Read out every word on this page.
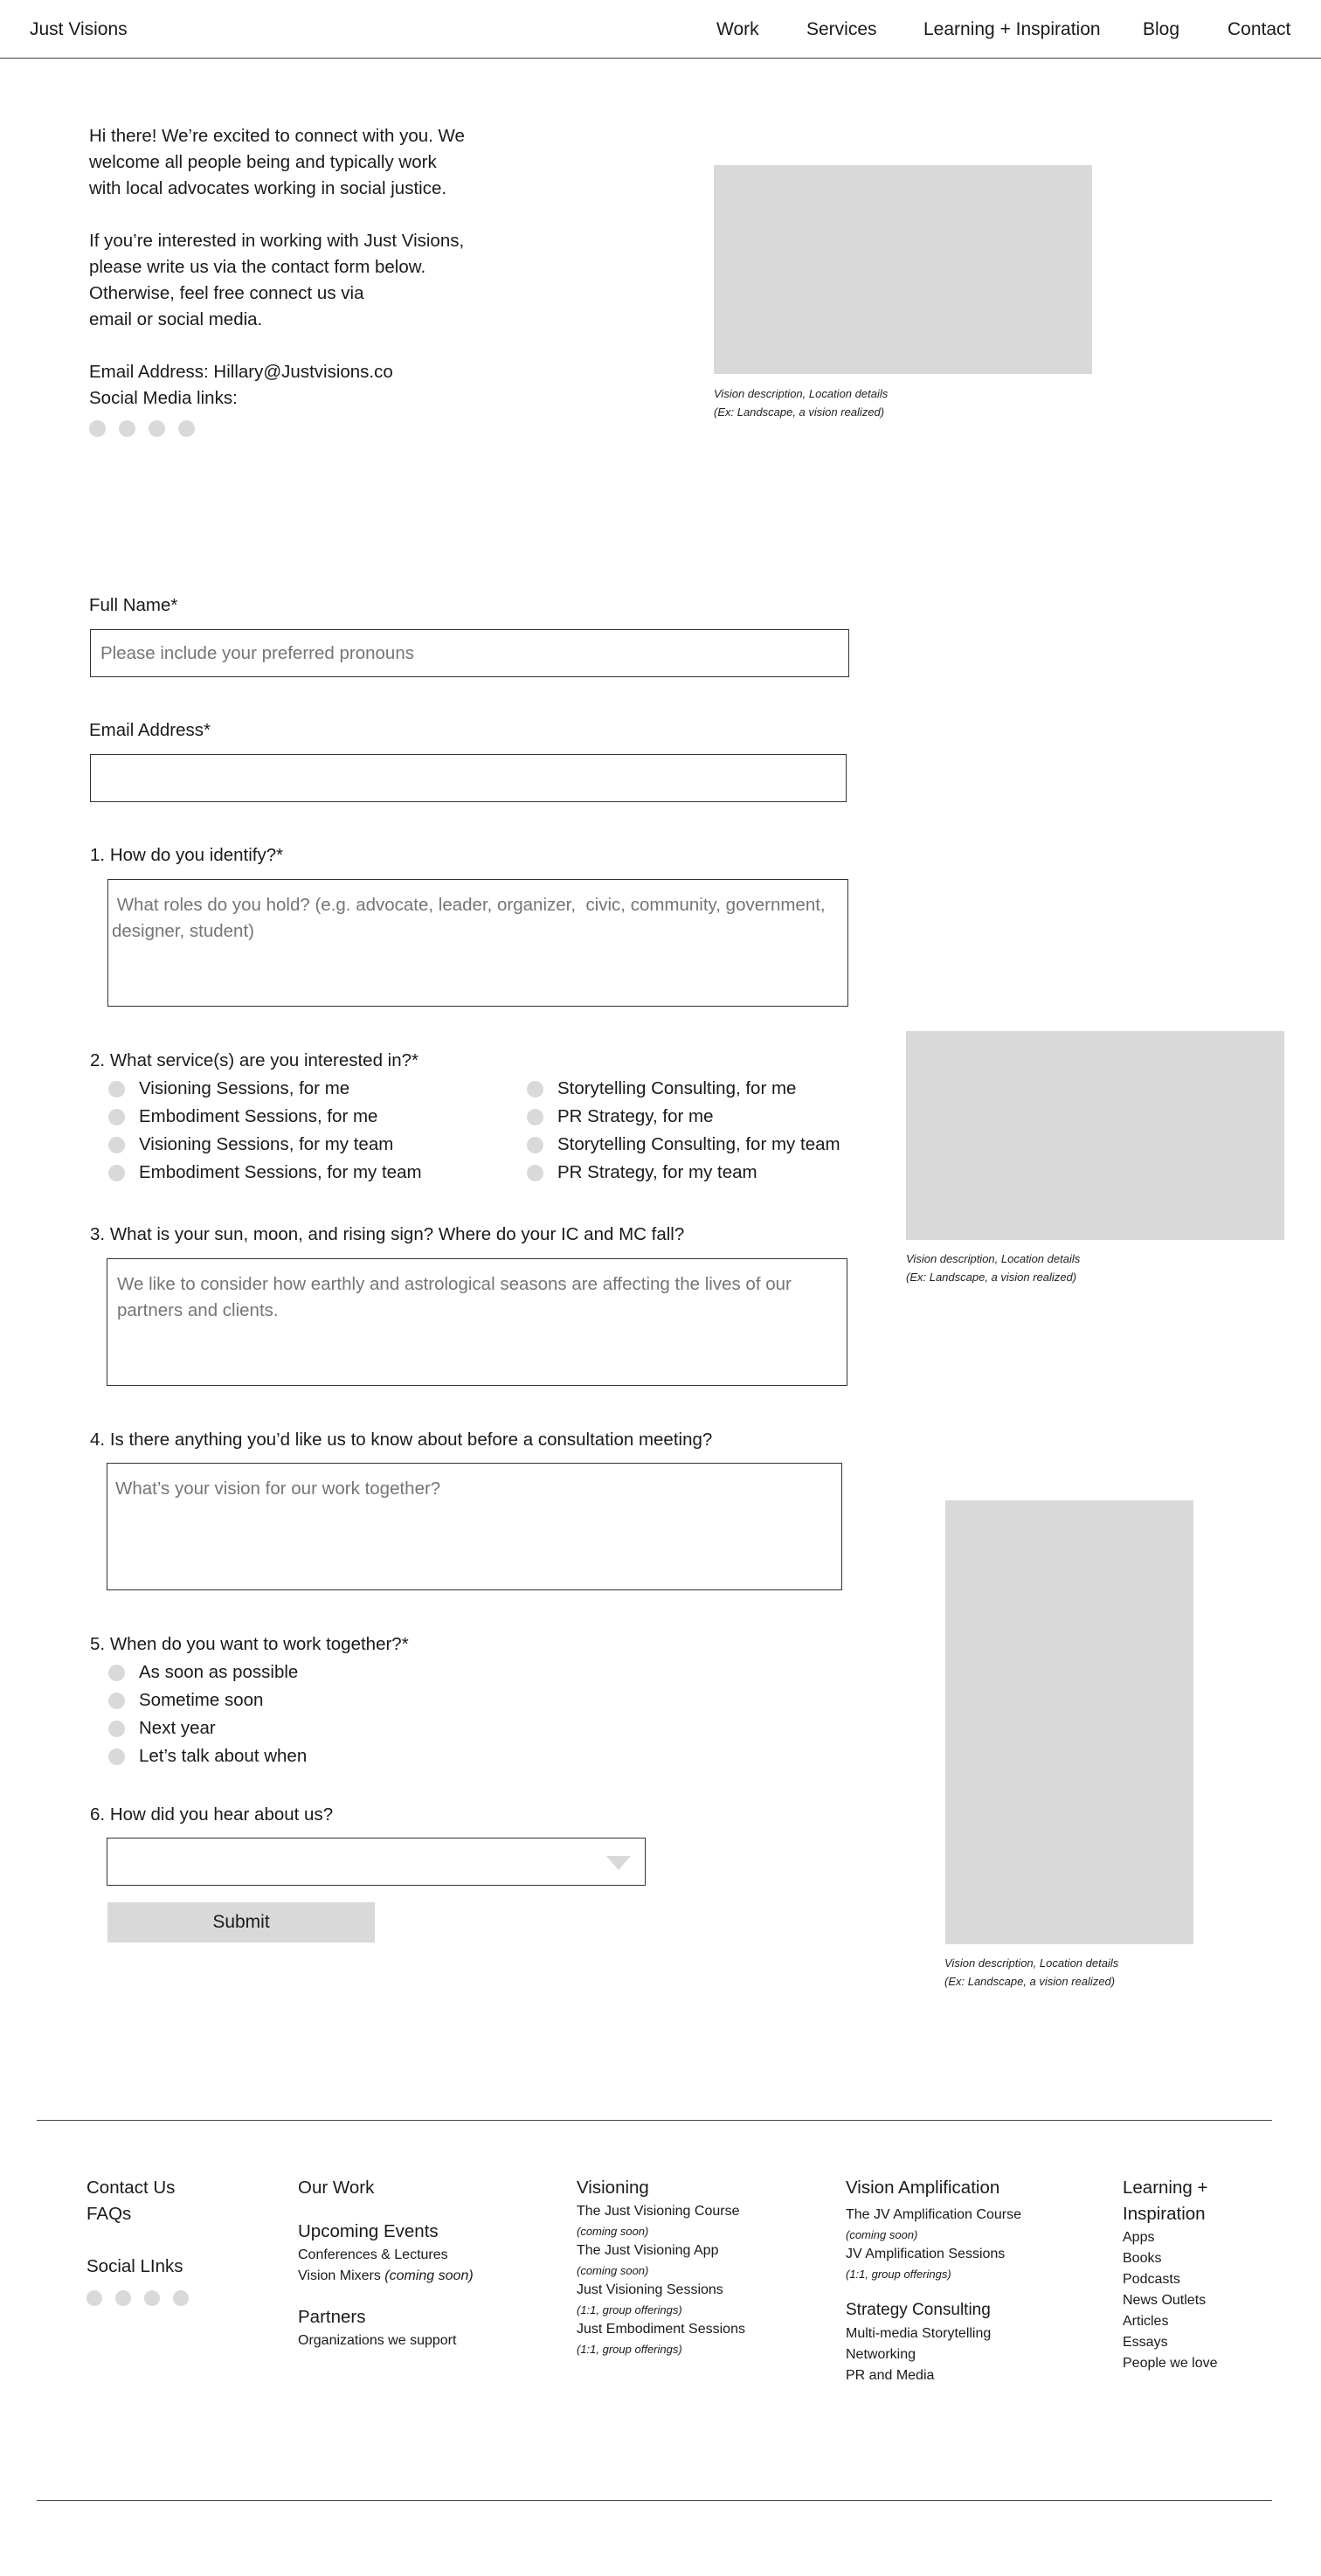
Just Visions	Work	Services	Learning + Inspiration Blog	Contact

Hi there! We’re excited to connect with you. We

welcome all people being and typically work

with local advocates working in social justice.

If you’re interested in working with Just Visions,

please write us via the contact form below.

Otherwise, feel free connect us via

email or social media.

Email Address: Hillary@Justvisions.co

Social Media links:	Vision description, Location details
(Ex: Landscape, a vision realized)
Full Name*
Please include your preferred pronouns
Email Address*
1. How do you identify?*
What roles do you hold? (e.g. advocate, leader, organizer, civic, community, government, designer, student)
2. What service(s) are you interested in?*
Visioning Sessions, for me
Embodiment Sessions, for me
Visioning Sessions, for my team
Embodiment Sessions, for my team
Storytelling Consulting, for me
PR Strategy, for me
Storytelling Consulting, for my team
PR Strategy, for my team
Vision description, Location details
(Ex: Landscape, a vision realized)
3. What is your sun, moon, and rising sign? Where do your IC and MC fall?
We like to consider how earthly and astrological seasons are affecting the lives of our partners and clients.
4. Is there anything you’d like us to know about before a consultation meeting?
What’s your vision for our work together?
Vision description, Location details
(Ex: Landscape, a vision realized)
5. When do you want to work together?*
As soon as possible
Sometime soon
Next year
Let’s talk about when
6. How did you hear about us?
Submit
Contact Us
FAQs
Social LInks
Our Work
Upcoming Events
Conferences & Lectures
Vision Mixers (coming soon)
Partners
Organizations we support
Visioning
The Just Visioning Course
(coming soon)
The Just Visioning App
(coming soon)
Just Visioning Sessions
(1:1, group offerings)
Just Embodiment Sessions
(1:1, group offerings)
Vision Amplification
The JV Amplification Course
(coming soon)
JV Amplification Sessions
(1:1, group offerings)
Strategy Consulting
Multi-media Storytelling
Networking
PR and Media
Learning +
Inspiration
Apps
Books
Podcasts
News Outlets
Articles
Essays
People we love
